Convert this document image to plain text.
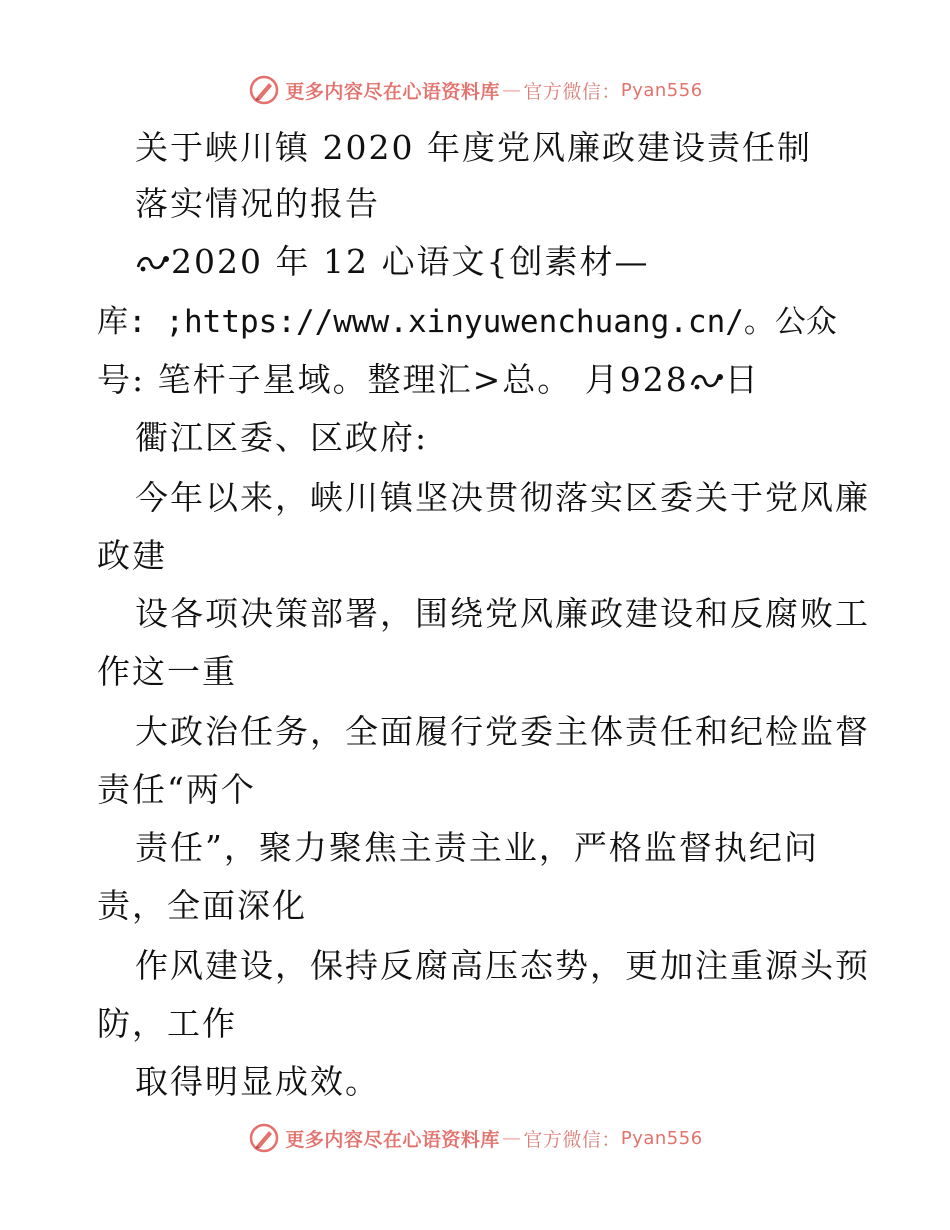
更多内容尽在心语资料库 — 官方微信： Pyan556
关于峡川镇 2020 年度党风廉政建设责任制
落实情况的报告
2020 年 12 心语文{创素材—
库: ;https://www.xinyuwenchuang.cn/。公众
号: 笔杆子星域。整理汇>总。 月928 日
衢江区委、区政府:
今年以来，峡川镇坚决贯彻落实区委关于党风廉
政建
设各项决策部署，围绕党风廉政建设和反腐败工
作这一重
大政治任务，全面履行党委主体责任和纪检监督
责任“两个
责任”，聚力聚焦主责主业，严格监督执纪问
责，全面深化
作风建设，保持反腐高压态势，更加注重源头预
防，工作
取得明显成效。
更多内容尽在心语资料库 — 官方微信： Pyan556
